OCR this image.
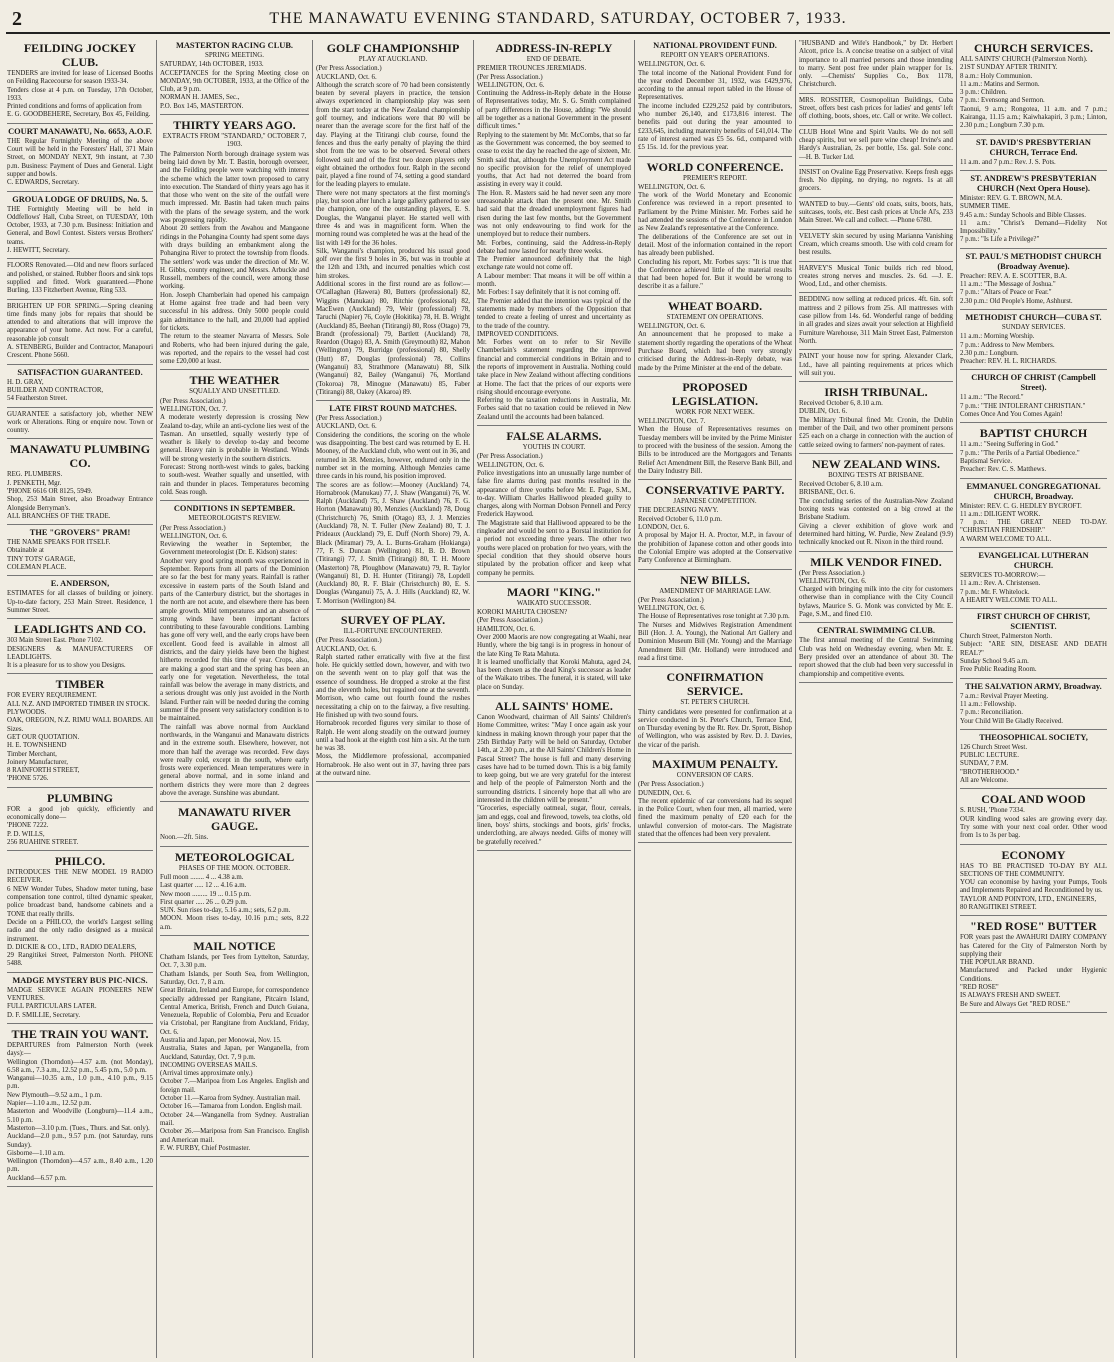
2	THE MANAWATU EVENING STANDARD, SATURDAY, OCTOBER 7, 1933.
FEILDING JOCKEY CLUB.
TENDERS are invited for lease of Licensed Booths on Feilding Racecourse for season 1933-34.
Tenders close at 4 p.m. on Tuesday, 17th October, 1933.
Printed conditions and forms of application from
E. G. GOODBEHERE, Secretary, Box 45, Feilding.
COURT MANAWATU, No. 6653, A.O.F.
THE Regular Fortnightly Meeting of the above Court will be held in the Foresters' Hall, 371 Main Street, on MONDAY NEXT, 9th instant, at 7.30 p.m. Business: Payment of Dues and General. Light supper and bowls.
C. EDWARDS, Secretary.
GROUA LODGE OF DRUIDS, No. 5.
THE Fortnightly Meeting will be held in Oddfellows' Hall, Cuba Street, on TUESDAY, 10th October, 1933, at 7.30 p.m. Business: Initiation and General, and Bowl Contest. Sisters versus Brothers' teams.
J. HEWITT, Secretary.
FLOORS Renovated.—Old and new floors surfaced and polished, or stained. Rubber floors and sink tops supplied and fitted. Work guaranteed.—Phone Burling, 133 Fitzherbert Avenue, Ring 533.
BRIGHTEN UP FOR SPRING.—Spring cleaning time finds many jobs for repairs that should be attended to and alterations that will improve the appearance of your home. Act now. For a careful, reasonable job consult
A. STENBERG, Builder and Contractor, Manapouri Crescent. Phone 5660.
SATISFACTION GUARANTEED.
H. D. GRAY,
BUILDER AND CONTRACTOR,
54 Featherston Street.
GUARANTEE a satisfactory job, whether NEW work or Alterations. Ring or enquire now. Town or country.
MANAWATU PLUMBING CO.
REG. PLUMBERS.
J. PENKETH, Mgr.
'PHONE 6616 OR 8125, 5949.
Shop, 253 Main Street, also Broadway Entrance Alongside Berryman's.
ALL BRANCHES OF THE TRADE.
THE "GROVERS" PRAM!
THE NAME SPEAKS FOR ITSELF.
Obtainable at
TINY TOTS' GARAGE,
COLEMAN PLACE.
E. ANDERSON,
ESTIMATES for all classes of building or joinery. Up-to-date factory, 253 Main Street. Residence, 1 Summer Street.
LEADLIGHTS AND CO.
303 Main Street East. Phone 7102.
DESIGNERS & MANUFACTURERS OF LEADLIGHTS.
It is a pleasure for us to show you Designs.
TIMBER
FOR EVERY REQUIREMENT.
ALL N.Z. AND IMPORTED TIMBER IN STOCK.
PLYWOODS.
OAK, OREGON, N.Z. RIMU WALL BOARDS. All Sizes.
GET OUR QUOTATION.
H. E. TOWNSHEND
Timber Merchant,
Joinery Manufacturer,
8 RAINFORTH STREET,
'PHONE 5726.
PLUMBING
FOR a good job quickly, efficiently and economically done—
'PHONE 7222.
P. D. WILLS,
256 RUAHINE STREET.
PHILCO.
INTRODUCES THE NEW MODEL 19 RADIO RECEIVER.
6 NEW Wonder Tubes, Shadow meter tuning, base compensation tone control, tilted dynamic speaker, police broadcast band, handsome cabinets and a TONE that really thrills.
Decide on a PHILCO, the world's Largest selling radio and the only radio designed as a musical instrument.
D. DICKIE & CO., LTD., RADIO DEALERS,
29 Rangitikei Street, Palmerston North. PHONE 5488.
MADGE MYSTERY BUS PIC-NICS.
MADGE SERVICE AGAIN PIONEERS NEW VENTURES.
FULL PARTICULARS LATER.
D. F. SMILLIE, Secretary.
THE TRAIN YOU WANT.
DEPARTURES from Palmerston North (week days):—
Wellington (Thorndon)—4.57 a.m. (not Monday), 6.58 a.m., 7.3 a.m., 12.52 p.m., 5.45 p.m., 5.0 p.m.
Wanganui—10.35 a.m., 1.0 p.m., 4.10 p.m., 9.15 p.m.
New Plymouth—9.52 a.m., 1 p.m.
Napier—1.10 a.m., 12.52 p.m.
Masterton and Woodville (Longburn)—11.4 a.m., 5.10 p.m.
Masterton—3.10 p.m. (Tues., Thurs. and Sat. only).
Auckland—2.0 p.m., 9.57 p.m. (not Saturday, runs Sunday).
Gisborne—1.10 a.m.
Wellington (Thorndon)—4.57 a.m., 8.40 a.m., 1.20 p.m.
Auckland—6.57 p.m.
MASTERTON RACING CLUB.
SPRING MEETING.
SATURDAY, 14th OCTOBER, 1933.
ACCEPTANCES for the Spring Meeting close on MONDAY, 9th OCTOBER, 1933, at the Office of the Club, at 9 p.m.
NORMAN H. JAMES, Sec.,
P.O. Box 145, MASTERTON.
THIRTY YEARS AGO.
EXTRACTS FROM "STANDARD," OCTOBER 7, 1903.
The Palmerston North borough drainage system was being laid down by Mr. T. Bastin, borough overseer, and the Feilding people were watching with interest the scheme which the latter town proposed to carry into execution. The Standard of thirty years ago has it that those who went on the site of the outfall were much impressed. Mr. Bastin had taken much pains with the plans of the sewage system, and the work was progressing rapidly.
About 20 settlers from the Awahou and Mangaone ridings in the Pohangina County had spent some days with drays building an embankment along the Pohangina River to protect the township from floods. The settlers' work was under the direction of Mr. W. H. Gibbs, county engineer, and Messrs. Arbuckle and Russell, members of the council, were among those working.
Hon. Joseph Chamberlain had opened his campaign at Home against free trade and had been very successful in his address. Only 5000 people could gain admittance to the hall, and 20,000 had applied for tickets.
The return to the steamer Navarra of Messrs. Sole and Roberts, who had been injured during the gale, was reported, and the repairs to the vessel had cost some £20,000 at least.
THE WEATHER
SQUALLY AND UNSETTLED.
(Per Press Association.)
WELLINGTON, Oct. 7.
A moderate westerly depression is crossing New Zealand to-day, while an anti-cyclone lies west of the Tasman. An unsettled, squally westerly type of weather is likely to develop to-day and become general. Heavy rain is probable in Westland. Winds will be strong westerly in the southern districts.
Forecast: Strong north-west winds to gales, backing to south-west. Weather squally and unsettled, with rain and thunder in places. Temperatures becoming cold. Seas rough.
CONDITIONS IN SEPTEMBER.
METEOROLOGIST'S REVIEW.
(Per Press Association.)
WELLINGTON, Oct. 6.
Reviewing the weather in September, the Government meteorologist (Dr. E. Kidson) states:
Another very good spring month was experienced in September. Reports from all parts of the Dominion are so far the best for many years. Rainfall is rather excessive in eastern parts of the South Island and parts of the Canterbury district, but the shortages in the north are not acute, and elsewhere there has been ample growth. Mild temperatures and an absence of strong winds have been important factors contributing to these favourable conditions. Lambing has gone off very well, and the early crops have been excellent. Good feed is available in almost all districts, and the dairy yields have been the highest hitherto recorded for this time of year. Crops, also, are making a good start and the spring has been an early one for vegetation. Nevertheless, the total rainfall was below the average in many districts, and a serious drought was only just avoided in the North Island. Further rain will be needed during the coming summer if the present very satisfactory condition is to be maintained.
The rainfall was above normal from Auckland northwards, in the Wanganui and Manawatu districts and in the extreme south. Elsewhere, however, not more than half the average was recorded. Few days were really cold, except in the south, where early frosts were experienced. Mean temperatures were in general above normal, and in some inland and northern districts they were more than 2 degrees above the average. Sunshine was abundant.
MANAWATU RIVER GAUGE.
Noon.—2ft. 5ins.
METEOROLOGICAL
PHASES OF THE MOON. OCTOBER.
Full moon ........ 4 ... 4.38 a.m.
Last quarter ..... 12 ... 4.16 a.m.
New moon ......... 19 ... 0.15 p.m.
First quarter ..... 26 ... 0.29 p.m.
SUN. Sun rises to-day, 5.16 a.m.; sets, 6.2 p.m.
MOON. Moon rises to-day, 10.16 p.m.; sets, 8.22 a.m.
MAIL NOTICE
Chatham Islands, per Tees from Lyttelton, Saturday, Oct. 7, 3.30 p.m.
Chatham Islands, per South Sea, from Wellington, Saturday, Oct. 7, 8 a.m.
Great Britain, Ireland and Europe, for correspondence specially addressed per Rangitane, Pitcairn Island, Central America, British, French and Dutch Guiana, Venezuela, Republic of Colombia, Peru and Ecuador via Cristobal, per Rangitane from Auckland, Friday, Oct. 6.
Australia and Japan, per Monowai, Nov. 15.
Australia, States and Japan, per Wanganella, from Auckland, Saturday, Oct. 7, 9 p.m.
INCOMING OVERSEAS MAILS.
(Arrival times approximate only.)
October 7.—Maripoa from Los Angeles. English and foreign mail.
October 11.—Karoa from Sydney. Australian mail.
October 16.—Tamaroa from London. English mail.
October 24.—Wanganella from Sydney. Australian mail.
October 26.—Mariposa from San Francisco. English and American mail.
F. W. FURBY, Chief Postmaster.
GOLF CHAMPIONSHIP
PLAY AT AUCKLAND.
(Per Press Association.)
AUCKLAND, Oct. 6.
Although the scratch score of 70 had been consistently beaten by several players in practice, the tension always experienced in championship play was seen from the start today at the New Zealand championship golf tourney, and indications were that 80 will be nearer than the average score for the first half of the day. Playing at the Titirangi club course, found the fences and thus the early penalty of playing the third shot from the tee was to be observed. Several others followed suit and of the first two dozen players only eight obtained the orthodox four. Ralph in the second pair, played a fine round of 74, setting a good standard for the leading players to emulate.
There were not many spectators at the first morning's play, but soon after lunch a large gallery gathered to see the champion, one of the outstanding players, E. S. Douglas, the Wanganui player. He started well with three 4s and was in magnificent form. When the morning round was completed he was at the head of the list with 149 for the 36 holes.
Silk, Wanganui's champion, produced his usual good golf over the first 9 holes in 36, but was in trouble at the 12th and 13th, and incurred penalties which cost him strokes.
Additional scores in the first round are as follow:—O'Callaghan (Hawera) 80, Butters (professional) 82, Wiggins (Manukau) 80, Ritchie (professional) 82, MacEwen (Auckland) 79, Weir (professional) 78, Taruchi (Napier) 76, Coyle (Hokitika) 78, H. B. Wright (Auckland) 85, Beehan (Titirangi) 80, Ross (Otago) 79, Brandt (professional) 79, Bartlett (Auckland) 78, Reardon (Otago) 83, A. Smith (Greymouth) 82, Mahon (Wellington) 79, Burridge (professional) 80, Shelly (Hutt) 87, Douglas (professional) 78, Collins (Wanganui) 83, Strathmore (Manawatu) 88, Silk (Wanganui) 82, Bailey (Wanganui) 76, Mortland (Tokoroa) 78, Minogue (Manawatu) 85, Faber (Titirangi) 88, Oakey (Akaroa) 89.
LATE FIRST ROUND MATCHES.
(Per Press Association.)
AUCKLAND, Oct. 6.
Considering the conditions, the scoring on the whole was disappointing. The best card was returned by E. H. Mooney, of the Auckland club, who went out in 36, and returned in 38. Menzies, however, endured only in the number set in the morning. Although Menzies came three cards in his round, his position improved.
The scores are as follow:—Mooney (Auckland) 74, Hornabrook (Manukau) 77, J. Shaw (Wanganui) 76, W. Ralph (Auckland) 75, J. Shaw (Auckland) 76, F. G. Horton (Manawatu) 80, Menzies (Auckland) 78, Doug (Christchurch) 76, Smith (Otago) 83, J. J. Menzies (Auckland) 78, N. T. Fuller (New Zealand) 80, T. J. Prideaux (Auckland) 79, E. Duff (North Shore) 79, A. Black (Miramar) 79, A. L. Burns-Graham (Hokianga) 77, F. S. Duncan (Wellington) 81, B. D. Brown (Titirangi) 77, J. Smith (Titirangi) 80, T. H. Moore (Masterton) 78, Ploughbow (Manawatu) 79, R. Taylor (Wanganui) 81, D. H. Hunter (Titirangi) 78, Lopdell (Auckland) 80, R. F. Blair (Christchurch) 80, E. S. Douglas (Wanganui) 75, A. J. Hills (Auckland) 82, W. T. Morrison (Wellington) 84.
SURVEY OF PLAY.
ILL-FORTUNE ENCOUNTERED.
(Per Press Association.)
AUCKLAND, Oct. 6.
Ralph started rather erratically with five at the first hole. He quickly settled down, however, and with two on the seventh went on to play golf that was the essence of soundness. He dropped a stroke at the first and the eleventh holes, but regained one at the seventh. Morrison, who came out fourth found the rushes necessitating a chip on to the fairway, a five resulting. He finished up with two sound fours.
Hornabrook recorded figures very similar to those of Ralph. He went along steadily on the outward journey until a bad hook at the eighth cost him a six. At the turn he was 38.
Moss, the Middlemore professional, accompanied Hornabrook. He also went out in 37, having three pars at the outward nine.
ADDRESS-IN-REPLY
END OF DEBATE.
PREMIER TROUNCES JEREMIADS.
(Per Press Association.)
WELLINGTON, Oct. 6.
Continuing the Address-in-Reply debate in the House of Representatives today, Mr. S. G. Smith complained of party differences in the House, adding: "We should all be together as a national Government in the present difficult times."
Replying to the statement by Mr. McCombs, that so far as the Government was concerned, the boy seemed to cease to exist the day he reached the age of sixteen, Mr. Smith said that, although the Unemployment Act made no specific provision for the relief of unemployed youths, that Act had not deterred the board from assisting in every way it could.
The Hon. R. Masters said he had never seen any more unreasonable attack than the present one. Mr. Smith had said that the dreaded unemployment figures had risen during the last few months, but the Government was not only endeavouring to find work for the unemployed but to reduce their numbers.
Mr. Forbes, continuing, said the Address-in-Reply debate had now lasted for nearly three weeks.
The Premier announced definitely that the high exchange rate would not come off.
A Labour member: That means it will be off within a month.
Mr. Forbes: I say definitely that it is not coming off.
The Premier added that the intention was typical of the statements made by members of the Opposition that tended to create a feeling of unrest and uncertainty as to the trade of the country.
IMPROVED CONDITIONS.
Mr. Forbes went on to refer to Sir Neville Chamberlain's statement regarding the improved financial and commercial conditions in Britain and to the reports of improvement in Australia. Nothing could take place in New Zealand without affecting conditions at Home. The fact that the prices of our exports were rising should encourage everyone.
Referring to the taxation reductions in Australia, Mr. Forbes said that no taxation could be relieved in New Zealand until the accounts had been balanced.
FALSE ALARMS.
YOUTHS IN COURT.
(Per Press Association.)
WELLINGTON, Oct. 6.
Police investigations into an unusually large number of false fire alarms during past months resulted in the appearance of three youths before Mr. E. Page, S.M., to-day. William Charles Halliwood pleaded guilty to charges, along with Norman Dobson Pennell and Percy Frederick Haywood.
The Magistrate said that Halliwood appeared to be the ringleader and would be sent to a Borstal institution for a period not exceeding three years. The other two youths were placed on probation for two years, with the special condition that they should observe hours stipulated by the probation officer and keep what company he permits.
MAORI "KING."
WAIKATO SUCCESSOR.
KOROKI MAHUTA CHOSEN?
(Per Press Association.)
HAMILTON, Oct. 6.
Over 2000 Maoris are now congregating at Waahi, near Huntly, where the big tangi is in progress in honour of the late King Te Rata Mahuta.
It is learned unofficially that Koroki Mahuta, aged 24, has been chosen as the dead King's successor as leader of the Waikato tribes. The funeral, it is stated, will take place on Sunday.
ALL SAINTS' HOME.
Canon Woodward, chairman of All Saints' Children's Home Committee, writes: "May I once again ask your kindness in making known through your paper that the 25th Birthday Party will be held on Saturday, October 14th, at 2.30 p.m., at the All Saints' Children's Home in Pascal Street? The house is full and many deserving cases have had to be turned down. This is a big family to keep going, but we are very grateful for the interest and help of the people of Palmerston North and the surrounding districts. I sincerely hope that all who are interested in the children will be present."
"Groceries, especially oatmeal, sugar, flour, cereals, jam and eggs, coal and firewood, towels, tea cloths, old linen, boys' shirts, stockings and boots, girls' frocks, underclothing, are always needed. Gifts of money will be gratefully received."
NATIONAL PROVIDENT FUND.
REPORT ON YEAR'S OPERATIONS.
WELLINGTON, Oct. 6.
The total income of the National Provident Fund for the year ended December 31, 1932, was £429,976, according to the annual report tabled in the House of Representatives.
The income included £229,252 paid by contributors, who number 26,140, and £173,816 interest. The benefits paid out during the year amounted to £233,645, including maternity benefits of £41,014. The rate of interest earned was £5 5s. 6d., compared with £5 15s. 1d. for the previous year.
WORLD CONFERENCE.
PREMIER'S REPORT.
WELLINGTON, Oct. 6.
The work of the World Monetary and Economic Conference was reviewed in a report presented to Parliament by the Prime Minister. Mr. Forbes said he had attended the sessions of the Conference in London as New Zealand's representative at the Conference.
The deliberations of the Conference are set out in detail. Most of the information contained in the report has already been published.
Concluding his report, Mr. Forbes says: "It is true that the Conference achieved little of the material results that had been hoped for. But it would be wrong to describe it as a failure."
WHEAT BOARD.
STATEMENT ON OPERATIONS.
WELLINGTON, Oct. 6.
An announcement that he proposed to make a statement shortly regarding the operations of the Wheat Purchase Board, which had been very strongly criticised during the Address-in-Reply debate, was made by the Prime Minister at the end of the debate.
PROPOSED LEGISLATION.
WORK FOR NEXT WEEK.
WELLINGTON, Oct. 7.
When the House of Representatives resumes on Tuesday members will be invited by the Prime Minister to proceed with the business of the session. Among the Bills to be introduced are the Mortgagors and Tenants Relief Act Amendment Bill, the Reserve Bank Bill, and the Dairy Industry Bill.
CONSERVATIVE PARTY.
JAPANESE COMPETITION.
THE DECREASING NAVY.
Received October 6, 11.0 p.m.
LONDON, Oct. 6.
A proposal by Major H. A. Proctor, M.P., in favour of the prohibition of Japanese cotton and other goods into the Colonial Empire was adopted at the Conservative Party Conference at Birmingham.
NEW BILLS.
AMENDMENT OF MARRIAGE LAW.
(Per Press Association.)
WELLINGTON, Oct. 6.
The House of Representatives rose tonight at 7.30 p.m.
The Nurses and Midwives Registration Amendment Bill (Hon. J. A. Young), the National Art Gallery and Dominion Museum Bill (Mr. Young) and the Marriage Amendment Bill (Mr. Holland) were introduced and read a first time.
CONFIRMATION SERVICE.
ST. PETER'S CHURCH.
Thirty candidates were presented for confirmation at a service conducted in St. Peter's Church, Terrace End, on Thursday evening by the Rt. Rev. Dr. Sprott, Bishop of Wellington, who was assisted by Rev. D. J. Davies, the vicar of the parish.
MAXIMUM PENALTY.
CONVERSION OF CARS.
(Per Press Association.)
DUNEDIN, Oct. 6.
The recent epidemic of car conversions had its sequel in the Police Court, when four men, all married, were fined the maximum penalty of £20 each for the unlawful conversion of motor-cars. The Magistrate stated that the offences had been very prevalent.
"HUSBAND and Wife's Handbook," by Dr. Herbert Alcott, price 1s. A concise treatise on a subject of vital importance to all married persons and those intending to marry. Sent post free under plain wrapper for 1s. only. —Chemists' Supplies Co., Box 1178, Christchurch.
MRS. ROSSITER, Cosmopolitan Buildings, Cuba Street, offers best cash prices for ladies' and gents' left off clothing, boots, shoes, etc. Call or write. We collect.
CLUB Hotel Wine and Spirit Vaults. We do not sell cheap spirits, but we sell pure wine cheap! Irvine's and Hardy's Australian, 2s. per bottle, 15s. gal. Sole conc. —H. B. Tucker Ltd.
INSIST on Ovaline Egg Preservative. Keeps fresh eggs fresh. No dipping, no drying, no regrets. 1s at all grocers.
WANTED to buy.—Gents' old coats, suits, boots, hats, suitcases, tools, etc. Best cash prices at Uncle Al's, 233 Main Street. We call and collect. —Phone 6780.
VELVETY skin secured by using Marianna Vanishing Cream, which creams smooth. Use with cold cream for best results.
HARVEY'S Musical Tonic builds rich red blood, creates strong nerves and muscles. 2s. 6d. —J. E. Wood, Ltd., and other chemists.
BEDDING now selling at reduced prices. 4ft. 6in. soft mattress and 2 pillows from 25s. All mattresses with case pillow from 14s. 6d. Wonderful range of bedding in all grades and sizes await your selection at Highfield Furniture Warehouse, 311 Main Street East, Palmerston North.
PAINT your house now for spring. Alexander Clark, Ltd., have all painting requirements at prices which will suit you.
IRISH TRIBUNAL.
Received October 6, 8.10 a.m.
DUBLIN, Oct. 6.
The Military Tribunal fined Mr. Cronin, the Dublin member of the Dail, and two other prominent persons £25 each on a charge in connection with the auction of cattle seized owing to farmers' non-payment of rates.
NEW ZEALAND WINS.
BOXING TESTS AT BRISBANE.
Received October 6, 8.10 a.m.
BRISBANE, Oct. 6.
The concluding series of the Australian-New Zealand boxing tests was contested on a big crowd at the Brisbane Stadium.
Giving a clever exhibition of glove work and determined hard hitting, W. Purdie, New Zealand (9.9) technically knocked out R. Nixon in the third round.
MILK VENDOR FINED.
(Per Press Association.)
WELLINGTON, Oct. 6.
Charged with bringing milk into the city for customers otherwise than in compliance with the City Council bylaws, Maurice S. G. Monk was convicted by Mr. E. Page, S.M., and fined £10.
CENTRAL SWIMMING CLUB.
The first annual meeting of the Central Swimming Club was held on Wednesday evening, when Mr. E. Bery presided over an attendance of about 30. The report showed that the club had been very successful in championship and competitive events.
CHURCH SERVICES.
ALL SAINTS' CHURCH (Palmerston North).
21ST SUNDAY AFTER TRINITY.
8 a.m.: Holy Communion.
11 a.m.: Matins and Sermon.
3 p.m.: Children.
7 p.m.: Evensong and Sermon.
Taonui, 9 a.m.; Rongotea, 11 a.m. and 7 p.m.; Kairanga, 11.15 a.m.; Kaiwhakapiri, 3 p.m.; Linton, 2.30 p.m.; Longburn 7.30 p.m.
ST. DAVID'S PRESBYTERIAN CHURCH, Terrace End.
11 a.m. and 7 p.m.: Rev. J. S. Pots.
ST. ANDREW'S PRESBYTERIAN CHURCH (Next Opera House).
Minister: REV. G. T. BROWN, M.A.
SUMMER TIME.
9.45 a.m.: Sunday Schools and Bible Classes.
11 a.m.: "Christ's Demand—Fidelity Not Impossibility."
7 p.m.: "Is Life a Privilege?"
ST. PAUL'S METHODIST CHURCH (Broadway Avenue).
Preacher: REV. A. E. SCOTTER, B.A.
11 a.m.: "The Message of Joshua."
7 p.m.: "Altars of Peace or Fear."
2.30 p.m.: Old People's Home, Ashhurst.
METHODIST CHURCH—CUBA ST.
SUNDAY SERVICES.
11 a.m.: Morning Worship.
7 p.m.: Address to New Members.
2.30 p.m.: Longburn.
Preacher: REV. H. L. RICHARDS.
CHURCH OF CHRIST (Campbell Street).
11 a.m.: "The Record."
7 p.m.: "THE INTOLERANT CHRISTIAN."
Comes Once And You Comes Again!
BAPTIST CHURCH
11 a.m.: "Seeing Suffering in God."
7 p.m.: "The Perils of a Partial Obedience."
Baptismal Service.
Preacher: Rev. C. S. Matthews.
EMMANUEL CONGREGATIONAL CHURCH, Broadway.
Minister: REV. C. G. HEDLEY BYCROFT.
11 a.m.: DILIGENT WORK.
7 p.m.: THE GREAT NEED TO-DAY. "CHRISTIAN FRIENDSHIP."
A WARM WELCOME TO ALL.
EVANGELICAL LUTHERAN CHURCH.
SERVICES TO-MORROW:—
11 a.m.: Rev. A. Christensen.
7 p.m.: Mr. F. Whitelock.
A HEARTY WELCOME TO ALL.
FIRST CHURCH OF CHRIST, SCIENTIST.
Church Street, Palmerston North.
Subject: "ARE SIN, DISEASE AND DEATH REAL?"
Sunday School 9.45 a.m.
Free Public Reading Room.
THE SALVATION ARMY, Broadway.
7 a.m.: Revival Prayer Meeting.
11 a.m.: Fellowship.
7 p.m.: Reconciliation.
Your Child Will Be Gladly Received.
THEOSOPHICAL SOCIETY,
126 Church Street West.
PUBLIC LECTURE.
SUNDAY, 7 P.M.
"BROTHERHOOD."
All are Welcome.
COAL AND WOOD
S. RUSH, 'Phone 7334.
OUR kindling wood sales are growing every day. Try some with your next coal order. Other wood from 1s to 3s per bag.
ECONOMY
HAS TO BE PRACTISED TO-DAY BY ALL SECTIONS OF THE COMMUNITY.
YOU can economise by having your Pumps, Tools and Implements Repaired and Reconditioned by us.
TAYLOR AND POINTON, LTD., ENGINEERS,
80 RANGITIKEI STREET.
"RED ROSE" BUTTER
FOR years past the AWAHURI DAIRY COMPANY has Catered for the City of Palmerston North by supplying their
THE POPULAR BRAND.
Manufactured and Packed under Hygienic Conditions.
"RED ROSE"
IS ALWAYS FRESH AND SWEET.
Be Sure and Always Get "RED ROSE."
